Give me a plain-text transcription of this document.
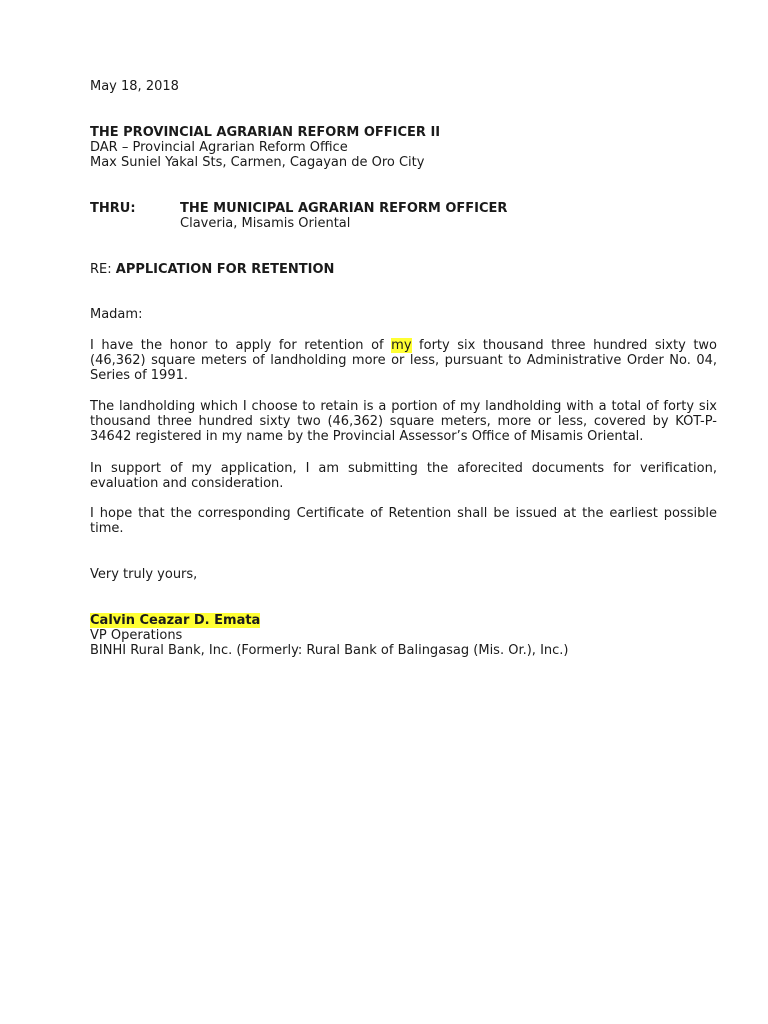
May 18, 2018
THE PROVINCIAL AGRARIAN REFORM OFFICER II
DAR – Provincial Agrarian Reform Office
Max Suniel Yakal Sts, Carmen, Cagayan de Oro City
THRU:	THE MUNICIPAL AGRARIAN REFORM OFFICER
Claveria, Misamis Oriental
RE: APPLICATION FOR RETENTION
Madam:
I have the honor to apply for retention of my forty six thousand three hundred sixty two (46,362) square meters of landholding more or less, pursuant to Administrative Order No. 04, Series of 1991.
The landholding which I choose to retain is a portion of my landholding with a total of forty six thousand three hundred sixty two (46,362) square meters, more or less, covered by KOT-P-34642 registered in my name by the Provincial Assessor’s Office of Misamis Oriental.
In support of my application, I am submitting the aforecited documents for verification, evaluation and consideration.
I hope that the corresponding Certificate of Retention shall be issued at the earliest possible time.
Very truly yours,
Calvin Ceazar D. Emata
VP Operations
BINHI Rural Bank, Inc. (Formerly: Rural Bank of Balingasag (Mis. Or.), Inc.)
